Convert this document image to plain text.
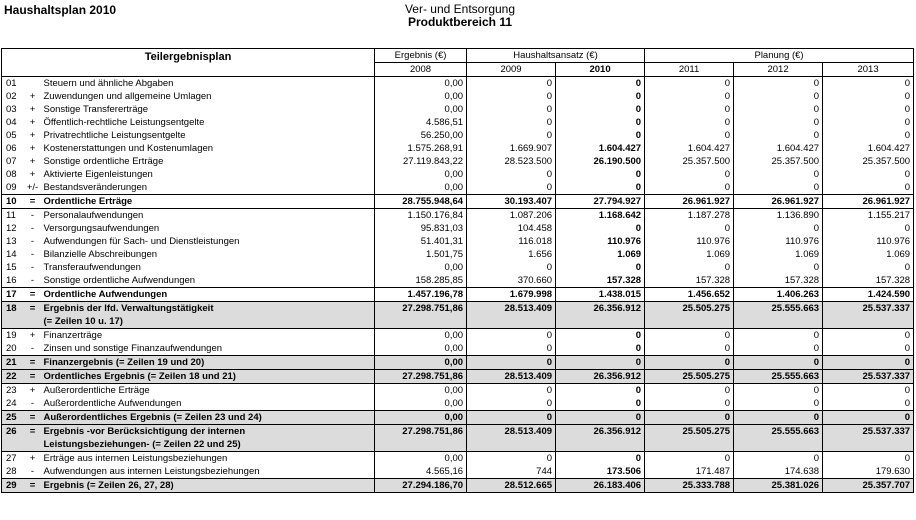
Haushaltsplan 2010	Ver- und Entsorgung
Produktbereich 11
Teilergebnisplan			Ergebnis (€)	Haushaltsansatz (€)		Planung (€)		
			2008	2009	2010	2011	2012	2013
01		Steuern und ähnliche Abgaben	0,00	0	0	0	0	0
02	+	Zuwendungen und allgemeine Umlagen	0,00	0	0	0	0	0
03	+	Sonstige Transfererträge	0,00	0	0	0	0	0
04	+	Öffentlich-rechtliche Leistungsentgelte	4.586,51	0	0	0	0	0
05	+	Privatrechtliche Leistungsentgelte	56.250,00	0	0	0	0	0
06	+	Kostenerstattungen und Kostenumlagen	1.575.268,91	1.669.907	1.604.427	1.604.427	1.604.427	1.604.427
07	+	Sonstige ordentliche Erträge	27.119.843,22	28.523.500	26.190.500	25.357.500	25.357.500	25.357.500
08	+	Aktivierte Eigenleistungen	0,00	0	0	0	0	0
09	+/-	Bestandsveränderungen	0,00	0	0	0	0	0
10	=	Ordentliche Erträge	28.755.948,64	30.193.407	27.794.927	26.961.927	26.961.927	26.961.927
11	-	Personalaufwendungen	1.150.176,84	1.087.206	1.168.642	1.187.278	1.136.890	1.155.217
12	-	Versorgungsaufwendungen	95.831,03	104.458	0	0	0	0
13	-	Aufwendungen für Sach- und Dienstleistungen	51.401,31	116.018	110.976	110.976	110.976	110.976
14	-	Bilanzielle Abschreibungen	1.501,75	1.656	1.069	1.069	1.069	1.069
15	-	Transferaufwendungen	0,00	0	0	0	0	0
16	-	Sonstige ordentliche Aufwendungen	158.285,85	370.660	157.328	157.328	157.328	157.328
17	=	Ordentliche Aufwendungen	1.457.196,78	1.679.998	1.438.015	1.456.652	1.406.263	1.424.590
18	=	Ergebnis der lfd. Verwaltungstätigkeit	27.298.751,86	28.513.409	26.356.912	25.505.275	25.555.663	25.537.337
		(= Zeilen 10 u. 17)						
19	+	Finanzerträge	0,00	0	0	0	0	0
20	-	Zinsen und sonstige Finanzaufwendungen	0,00	0	0	0	0	0
21	=	Finanzergebnis (= Zeilen 19 und 20)	0,00	0	0	0	0	0
22	=	Ordentliches Ergebnis (= Zeilen 18 und 21)	27.298.751,86	28.513.409	26.356.912	25.505.275	25.555.663	25.537.337
23	+	Außerordentliche Erträge	0,00	0	0	0	0	0
24	-	Außerordentliche Aufwendungen	0,00	0	0	0	0	0
25	=	Außerordentliches Ergebnis (= Zeilen 23 und 24)	0,00	0	0	0	0	0
26	=	Ergebnis -vor Berücksichtigung der internen	27.298.751,86	28.513.409	26.356.912	25.505.275	25.555.663	25.537.337
		Leistungsbeziehungen- (= Zeilen 22 und 25)						
27	+	Erträge aus internen Leistungsbeziehungen	0,00	0	0	0	0	0
28	-	Aufwendungen aus internen Leistungsbeziehungen	4.565,16	744	173.506	171.487	174.638	179.630
29	=	Ergebnis (= Zeilen 26, 27, 28)	27.294.186,70	28.512.665	26.183.406	25.333.788	25.381.026	25.357.707
